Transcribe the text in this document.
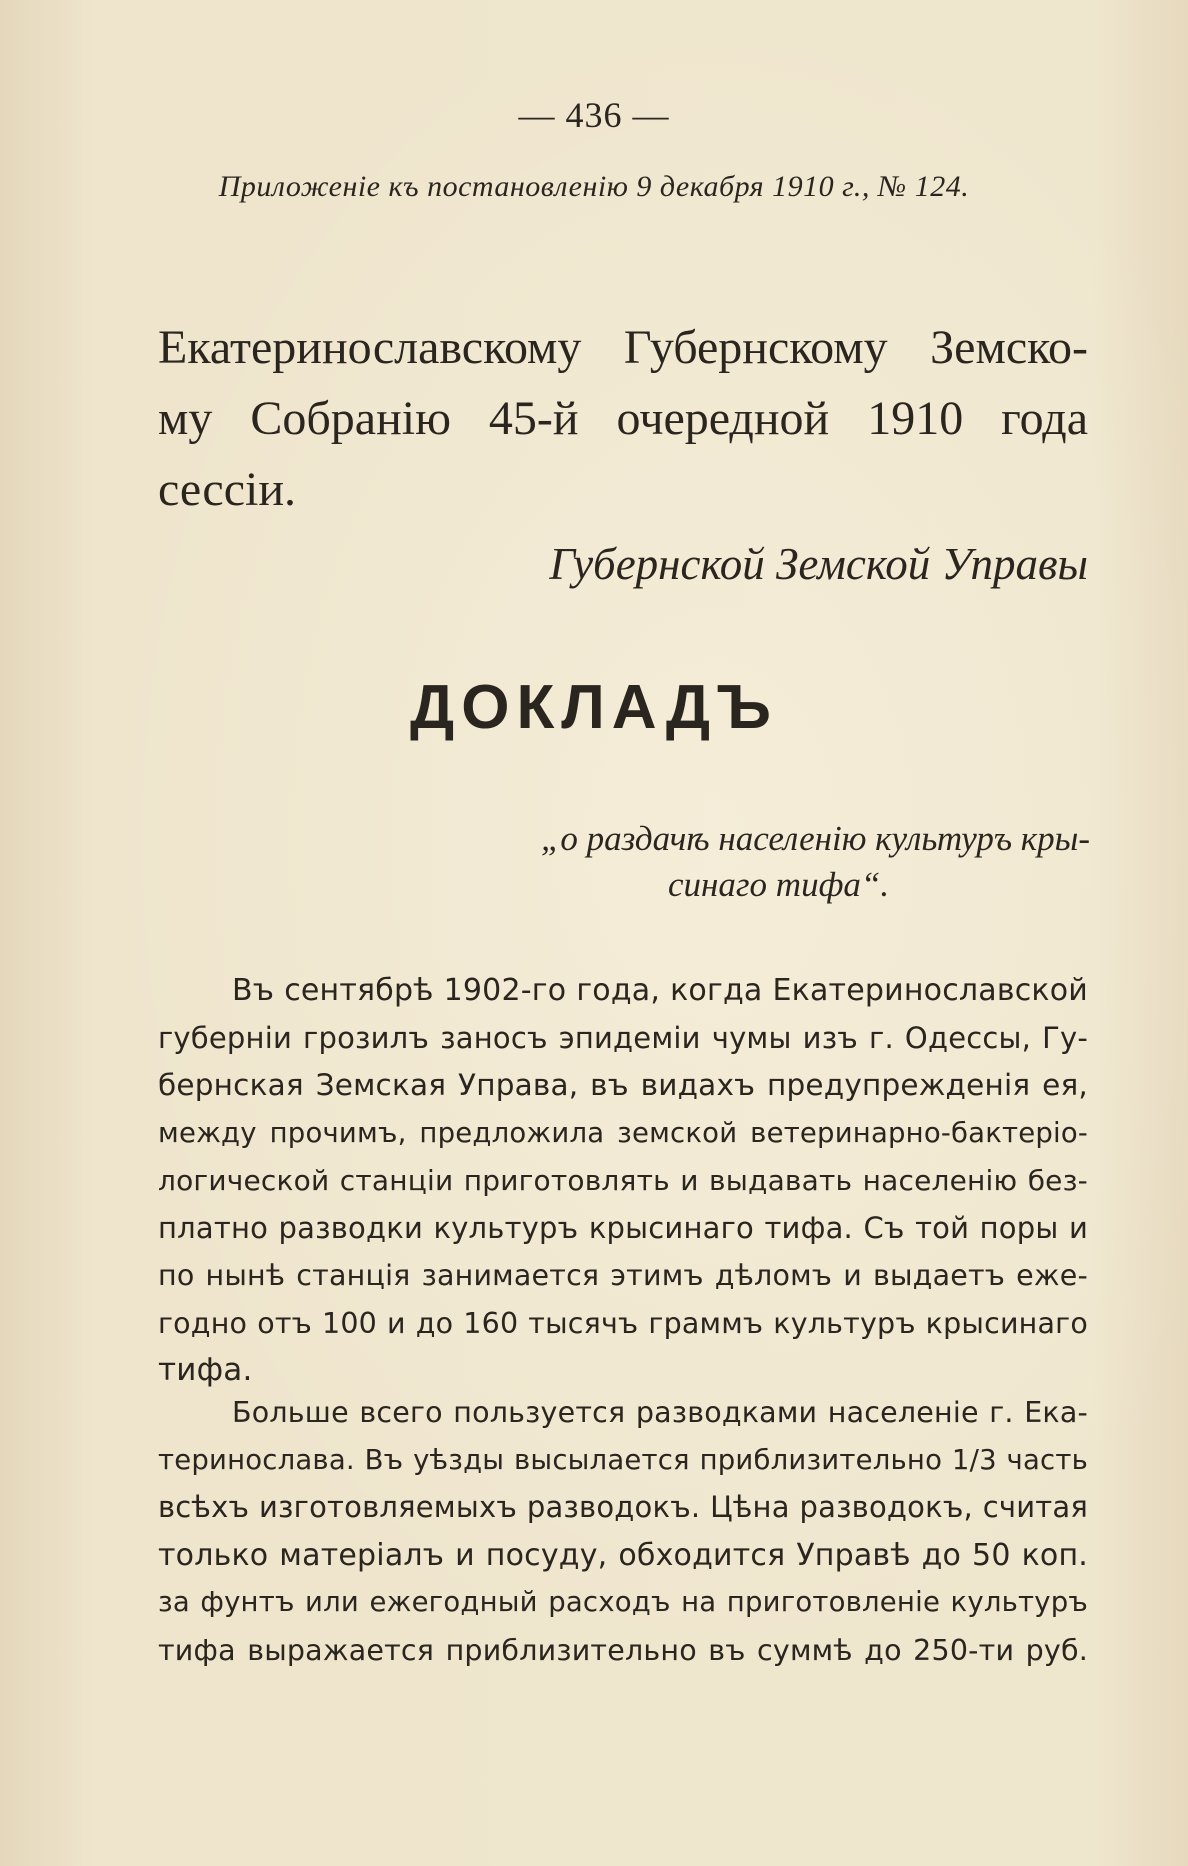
— 436 —
Приложеніе къ постановленію 9 декабря 1910 г., № 124.
Екатеринославскому Губернскому Земско-
му Собранію 45-й очередной 1910 года сессіи.
Губернской Земской Управы
ДОКЛАДЪ
„о раздачѣ населенію культуръ кры-
синаго тифа“.
Въ сентябрѣ 1902-го года, когда Екатеринославской
губерніи грозилъ заносъ эпидеміи чумы изъ г. Одессы, Гу-
бернская Земская Управа, въ видахъ предупрежденія ея,
между прочимъ, предложила земской ветеринарно-бактеріо-
логической станціи приготовлять и выдавать населенію без-
платно разводки культуръ крысинаго тифа. Съ той поры и
по нынѣ станція занимается этимъ дѣломъ и выдаетъ еже-
годно отъ 100 и до 160 тысячъ граммъ культуръ крысинаго
тифа.
Больше всего пользуется разводками населеніе г. Ека-
теринослава. Въ уѣзды высылается приблизительно 1/3 часть
всѣхъ изготовляемыхъ разводокъ. Цѣна разводокъ, считая
только матеріалъ и посуду, обходится Управѣ до 50 коп.
за фунтъ или ежегодный расходъ на приготовленіе культуръ
тифа выражается приблизительно въ суммѣ до 250-ти руб.
